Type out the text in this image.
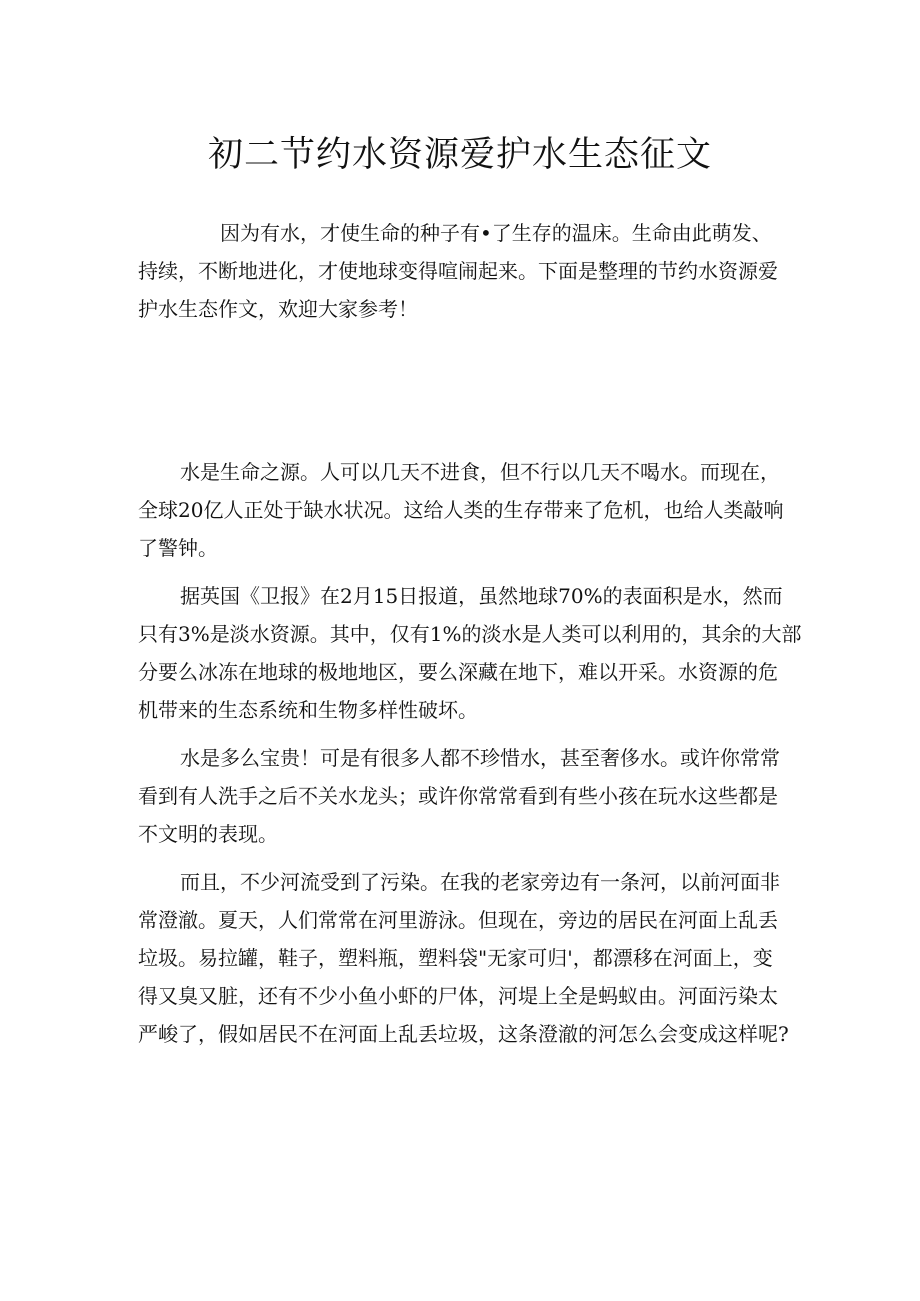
初二节约水资源爱护水生态征文
因为有水，才使生命的种子有•了生存的温床。生命由此萌发、
持续，不断地进化，才使地球变得喧闹起来。下面是整理的节约水资源爱
护水生态作文，欢迎大家参考！
水是生命之源。人可以几天不进食，但不行以几天不喝水。而现在，
全球20亿人正处于缺水状况。这给人类的生存带来了危机，也给人类敲响
了警钟。
据英国《卫报》在2月15日报道，虽然地球70%的表面积是水，然而
只有3%是淡水资源。其中，仅有1%的淡水是人类可以利用的，其余的大部
分要么冰冻在地球的极地地区，要么深藏在地下，难以开采。水资源的危
机带来的生态系统和生物多样性破坏。
水是多么宝贵！可是有很多人都不珍惜水，甚至奢侈水。或许你常常
看到有人洗手之后不关水龙头；或许你常常看到有些小孩在玩水这些都是
不文明的表现。
而且，不少河流受到了污染。在我的老家旁边有一条河，以前河面非
常澄澈。夏天，人们常常在河里游泳。但现在，旁边的居民在河面上乱丢
垃圾。易拉罐，鞋子，塑料瓶，塑料袋"无家可归'，都漂移在河面上，变
得又臭又脏，还有不少小鱼小虾的尸体，河堤上全是蚂蚁由。河面污染太
严峻了，假如居民不在河面上乱丢垃圾，这条澄澈的河怎么会变成这样呢?
